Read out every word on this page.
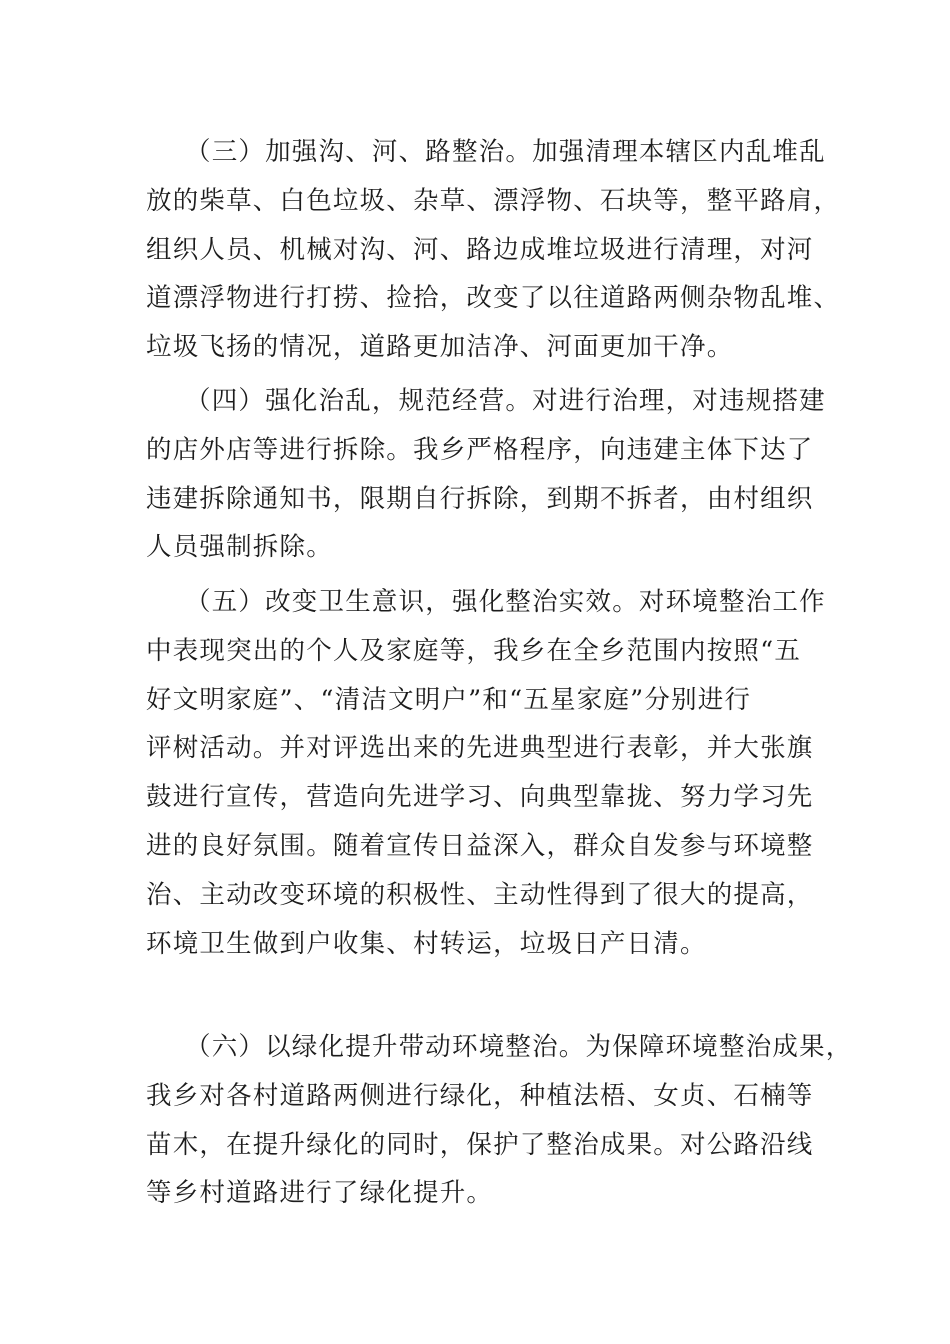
（三）加强沟、河、路整治。加强清理本辖区内乱堆乱
放的柴草、白色垃圾、杂草、漂浮物、石块等，整平路肩，
组织人员、机械对沟、河、路边成堆垃圾进行清理，对河
道漂浮物进行打捞、捡拾，改变了以往道路两侧杂物乱堆、
垃圾飞扬的情况，道路更加洁净、河面更加干净。

（四）强化治乱，规范经营。对进行治理，对违规搭建
的店外店等进行拆除。我乡严格程序，向违建主体下达了
违建拆除通知书，限期自行拆除，到期不拆者，由村组织
人员强制拆除。

（五）改变卫生意识，强化整治实效。对环境整治工作
中表现突出的个人及家庭等，我乡在全乡范围内按照“五
好文明家庭”、“清洁文明户”和“五星家庭”分别进行
评树活动。并对评选出来的先进典型进行表彰，并大张旗
鼓进行宣传，营造向先进学习、向典型靠拢、努力学习先
进的良好氛围。随着宣传日益深入，群众自发参与环境整
治、主动改变环境的积极性、主动性得到了很大的提高，
环境卫生做到户收集、村转运，垃圾日产日清。

（六）以绿化提升带动环境整治。为保障环境整治成果，
我乡对各村道路两侧进行绿化，种植法梧、女贞、石楠等
苗木，在提升绿化的同时，保护了整治成果。对公路沿线
等乡村道路进行了绿化提升。
